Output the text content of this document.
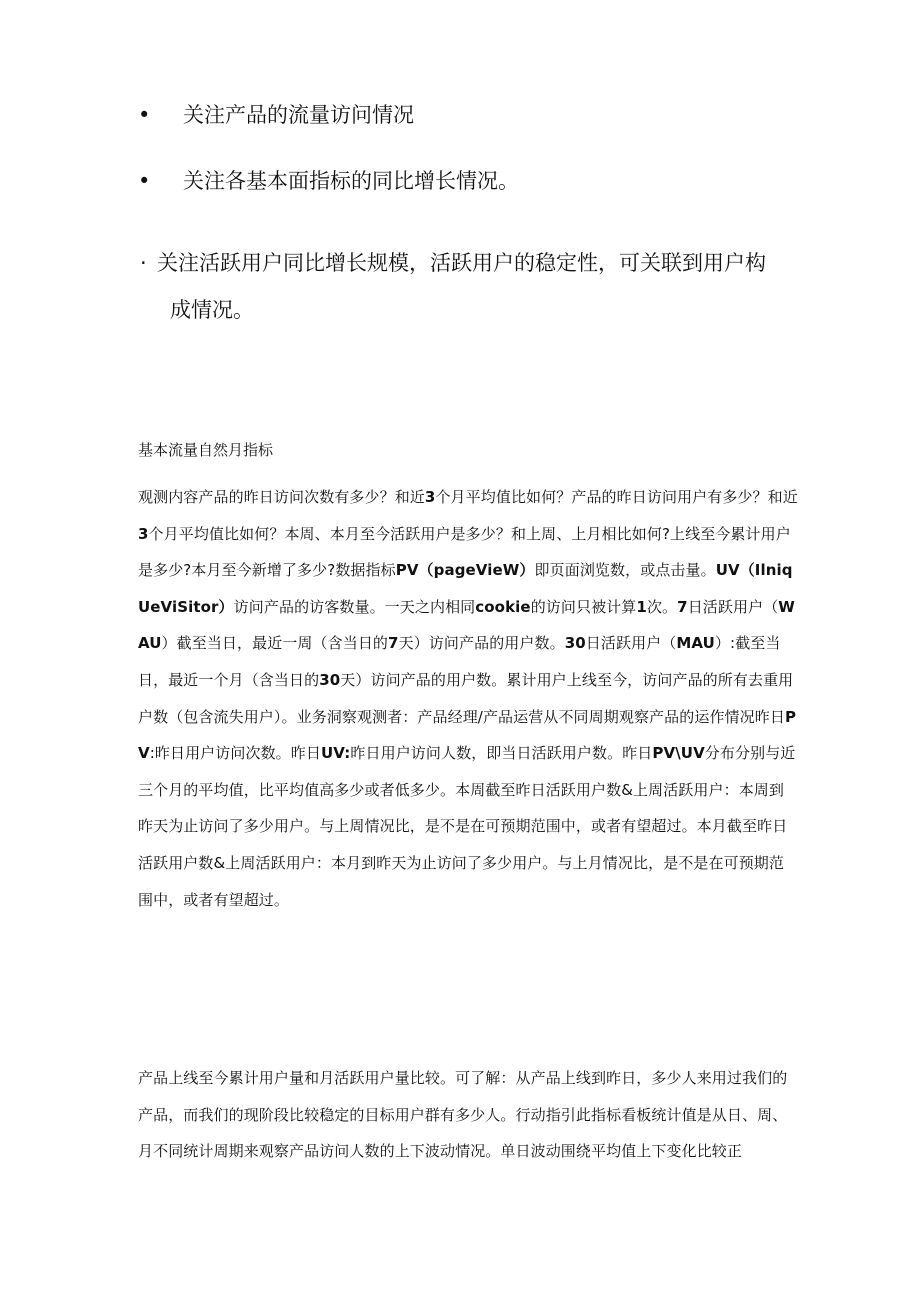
• 关注产品的流量访问情况
• 关注各基本面指标的同比增长情况。
· 关注活跃用户同比增长规模，活跃用户的稳定性，可关联到用户构
成情况。
基本流量自然月指标
观测内容产品的昨日访问次数有多少？和近3个月平均值比如何？产品的昨日访问用户有多少？和近3个月平均值比如何？本周、本月至今活跃用户是多少？和上周、上月相比如何?上线至今累计用户是多少?本月至今新增了多少?数据指标PV（pageVieW）即页面浏览数，或点击量。UV（IlniqUeViSitor）访问产品的访客数量。一天之内相同cookie的访问只被计算1次。7日活跃用户（WAU）截至当日，最近一周（含当日的7天）访问产品的用户数。30日活跃用户（MAU）:截至当日，最近一个月（含当日的30天）访问产品的用户数。累计用户上线至今，访问产品的所有去重用户数（包含流失用户）。业务洞察观测者：产品经理/产品运营从不同周期观察产品的运作情况昨日PV:昨日用户访问次数。昨日UV:昨日用户访问人数，即当日活跃用户数。昨日PV\UV分布分别与近三个月的平均值，比平均值高多少或者低多少。本周截至昨日活跃用户数&上周活跃用户：本周到昨天为止访问了多少用户。与上周情况比，是不是在可预期范围中，或者有望超过。本月截至昨日活跃用户数&上周活跃用户：本月到昨天为止访问了多少用户。与上月情况比，是不是在可预期范围中，或者有望超过。
产品上线至今累计用户量和月活跃用户量比较。可了解：从产品上线到昨日，多少人来用过我们的产品，而我们的现阶段比较稳定的目标用户群有多少人。行动指引此指标看板统计值是从日、周、月不同统计周期来观察产品访问人数的上下波动情况。单日波动围绕平均值上下变化比较正
